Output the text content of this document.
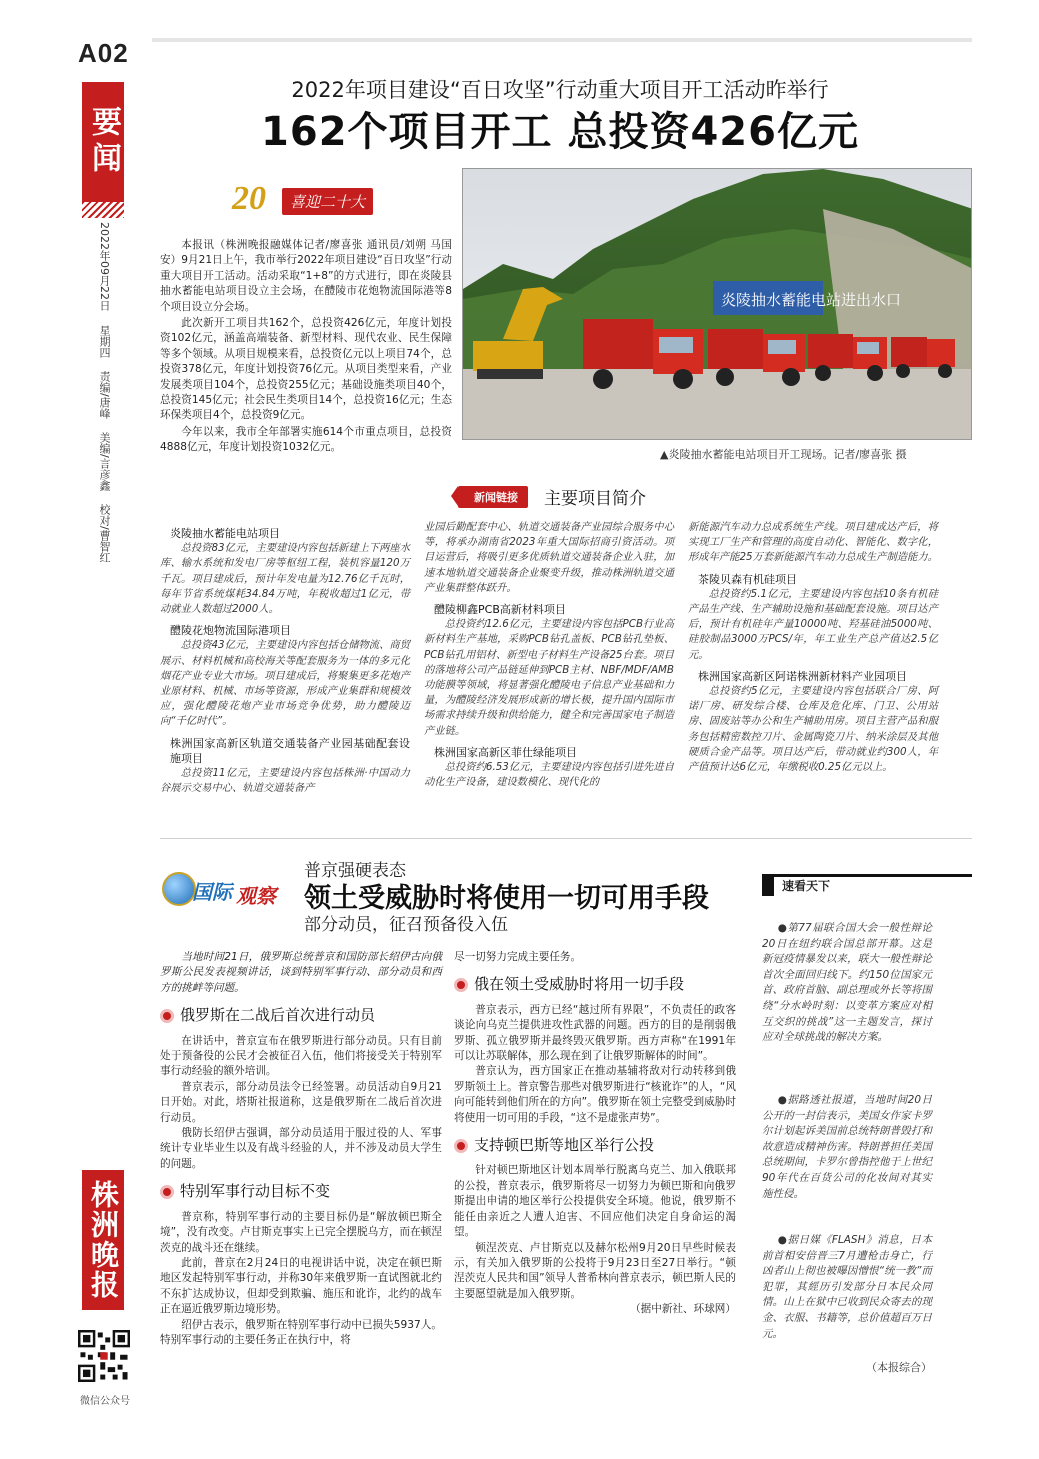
A02
要闻
2022年09月22日 星期四 责编/唐峰 美编/言彦鑫 校对/曹智红
2022年项目建设“百日攻坚”行动重大项目开工活动昨举行
162个项目开工 总投资426亿元
20	喜迎二十大

本报讯（株洲晚报融媒体记者/廖喜张 通讯员/刘朔 马国安）9月21日上午，我市举行2022年项目建设“百日攻坚”行动重大项目开工活动。活动采取“1+8”的方式进行，即在炎陵县抽水蓄能电站项目设立主会场，在醴陵市花炮物流国际港等8个项目设立分会场。

此次新开工项目共162个，总投资426亿元，年度计划投资102亿元，涵盖高端装备、新型材料、现代农业、民生保障等多个领域。从项目规模来看，总投资亿元以上项目74个，总投资378亿元，年度计划投资76亿元。从项目类型来看，产业发展类项目104个，总投资255亿元；基础设施类项目40个，总投资145亿元；社会民生类项目14个，总投资16亿元；生态环保类项目4个，总投资9亿元。

今年以来，我市全年部署实施614个市重点项目，总投资4888亿元，年度计划投资1032亿元。

炎陵抽水蓄能电站进出水口
▲炎陵抽水蓄能电站项目开工现场。记者/廖喜张 摄
新闻链接	主要项目简介
炎陵抽水蓄能电站项目
总投资83亿元，主要建设内容包括新建上下两座水库、输水系统和发电厂房等枢纽工程，装机容量120万千瓦。项目建成后，预计年发电量为12.76亿千瓦时，每年节省系统煤耗34.84万吨，年税收超过1亿元，带动就业人数超过2000人。
醴陵花炮物流国际港项目
总投资43亿元，主要建设内容包括仓储物流、商贸展示、材料机械和高校海关等配套服务为一体的多元化烟花产业专业大市场。项目建成后，将聚集更多花炮产业原材料、机械、市场等资源，形成产业集群和规模效应，强化醴陵花炮产业市场竞争优势，助力醴陵迈向“千亿时代”。
株洲国家高新区轨道交通装备产业园基础配套设施项目
总投资11亿元，主要建设内容包括株洲·中国动力谷展示交易中心、轨道交通装备产
业园后勤配套中心、轨道交通装备产业园综合服务中心等，将承办湖南省2023年重大国际招商引资活动。项目运营后，将吸引更多优质轨道交通装备企业入驻，加速本地轨道交通装备企业聚变升级，推动株洲轨道交通产业集群整体跃升。
醴陵柳鑫PCB高新材料项目
总投资约12.6亿元，主要建设内容包括PCB行业高新材料生产基地，采购PCB钻孔盖板、PCB钻孔垫板、PCB钻孔用铝材、新型电子材料生产设备25台套。项目的落地将公司产品链延伸到PCB主材、NBF/MDF/AMB功能膜等领域，将显著强化醴陵电子信息产业基础和力量，为醴陵经济发展形成新的增长极，提升国内国际市场需求持续升级和供给能力，健全和完善国家电子制造产业链。
株洲国家高新区菲仕绿能项目
总投资约6.53亿元，主要建设内容包括引进先进自动化生产设备，建设数模化、现代化的
新能源汽车动力总成系统生产线。项目建成达产后，将实现工厂生产和管理的高度自动化、智能化、数字化，形成年产能25万套新能源汽车动力总成生产制造能力。
茶陵贝森有机硅项目
总投资约5.1亿元，主要建设内容包括10条有机硅产品生产线、生产辅助设施和基础配套设施。项目达产后，预计有机硅年产量10000吨、羟基硅油5000吨、硅胶制品3000万PCS/年，年工业生产总产值达2.5亿元。
株洲国家高新区阿诺株洲新材料产业园项目
总投资约5亿元，主要建设内容包括联合厂房、阿诺厂房、研发综合楼、仓库及危化库、门卫、公用站房、固废站等办公和生产辅助用房。项目主营产品和服务包括精密数控刀片、金属陶瓷刀片、纳米涂层及其他硬质合金产品等。项目达产后，带动就业约300人，年产值预计达6亿元，年缴税收0.25亿元以上。
国际 观察
普京强硬表态
领土受威胁时将使用一切可用手段
部分动员，征召预备役入伍

当地时间21日，俄罗斯总统普京和国防部长绍伊古向俄罗斯公民发表视频讲话，谈到特别军事行动、部分动员和西方的挑衅等问题。

俄罗斯在二战后首次进行动员

在讲话中，普京宣布在俄罗斯进行部分动员。只有目前处于预备役的公民才会被征召入伍，他们将接受关于特别军事行动经验的额外培训。

普京表示，部分动员法令已经签署。动员活动自9月21日开始。对此，塔斯社报道称，这是俄罗斯在二战后首次进行动员。

俄防长绍伊古强调，部分动员适用于服过役的人、军事统计专业毕业生以及有战斗经验的人，并不涉及动员大学生的问题。

特别军事行动目标不变

普京称，特别军事行动的主要目标仍是“解放顿巴斯全境”，没有改变。卢甘斯克事实上已完全摆脱乌方，而在顿涅茨克的战斗还在继续。

此前，普京在2月24日的电视讲话中说，决定在顿巴斯地区发起特别军事行动，并称30年来俄罗斯一直试图就北约不东扩达成协议，但却受到欺骗、施压和讹诈，北约的战车正在逼近俄罗斯边境形势。

绍伊古表示，俄罗斯在特别军事行动中已损失5937人。特别军事行动的主要任务正在执行中，将

尽一切努力完成主要任务。

俄在领土受威胁时将用一切手段

普京表示，西方已经“越过所有界限”，不负责任的政客谈论向乌克兰提供进攻性武器的问题。西方的目的是削弱俄罗斯、孤立俄罗斯并最终毁灭俄罗斯。西方声称“在1991年可以让苏联解体，那么现在到了让俄罗斯解体的时间”。

普京认为，西方国家正在推动基辅将敌对行动转移到俄罗斯领土上。普京警告那些对俄罗斯进行“核讹诈”的人，“风向可能转到他们所在的方向”。俄罗斯在领土完整受到威胁时将使用一切可用的手段，“这不是虚张声势”。

支持顿巴斯等地区举行公投

针对顿巴斯地区计划本周举行脱离乌克兰、加入俄联邦的公投，普京表示，俄罗斯将尽一切努力为顿巴斯和向俄罗斯提出申请的地区举行公投提供安全环境。他说，俄罗斯不能任由亲近之人遭人迫害、不回应他们决定自身命运的渴望。

顿涅茨克、卢甘斯克以及赫尔松州9月20日早些时候表示，有关加入俄罗斯的公投将于9月23日至27日举行。“顿涅茨克人民共和国”领导人普希林向普京表示，顿巴斯人民的主要愿望就是加入俄罗斯。

（据中新社、环球网）

速看天下

●第77届联合国大会一般性辩论20日在纽约联合国总部开幕。这是新冠疫情暴发以来，联大一般性辩论首次全面回归线下。约150位国家元首、政府首脑、副总理或外长等将围绕“分水岭时刻：以变革方案应对相互交织的挑战”这一主题发言，探讨应对全球挑战的解决方案。

●据路透社报道，当地时间20日公开的一封信表示，美国女作家卡罗尔计划起诉美国前总统特朗普毁打和故意造成精神伤害。特朗普担任美国总统期间，卡罗尔曾指控他于上世纪90年代在百货公司的化妆间对其实施性侵。

●据日媒《FLASH》消息，日本前首相安倍晋三7月遭枪击身亡，行凶者山上彻也被曝因憎恨“统一教”而犯罪，其經历引发部分日本民众同情。山上在狱中已收到民众寄去的现金、衣服、书籍等，总价值超百万日元。

（本报综合）
株洲晚报
微信公众号
